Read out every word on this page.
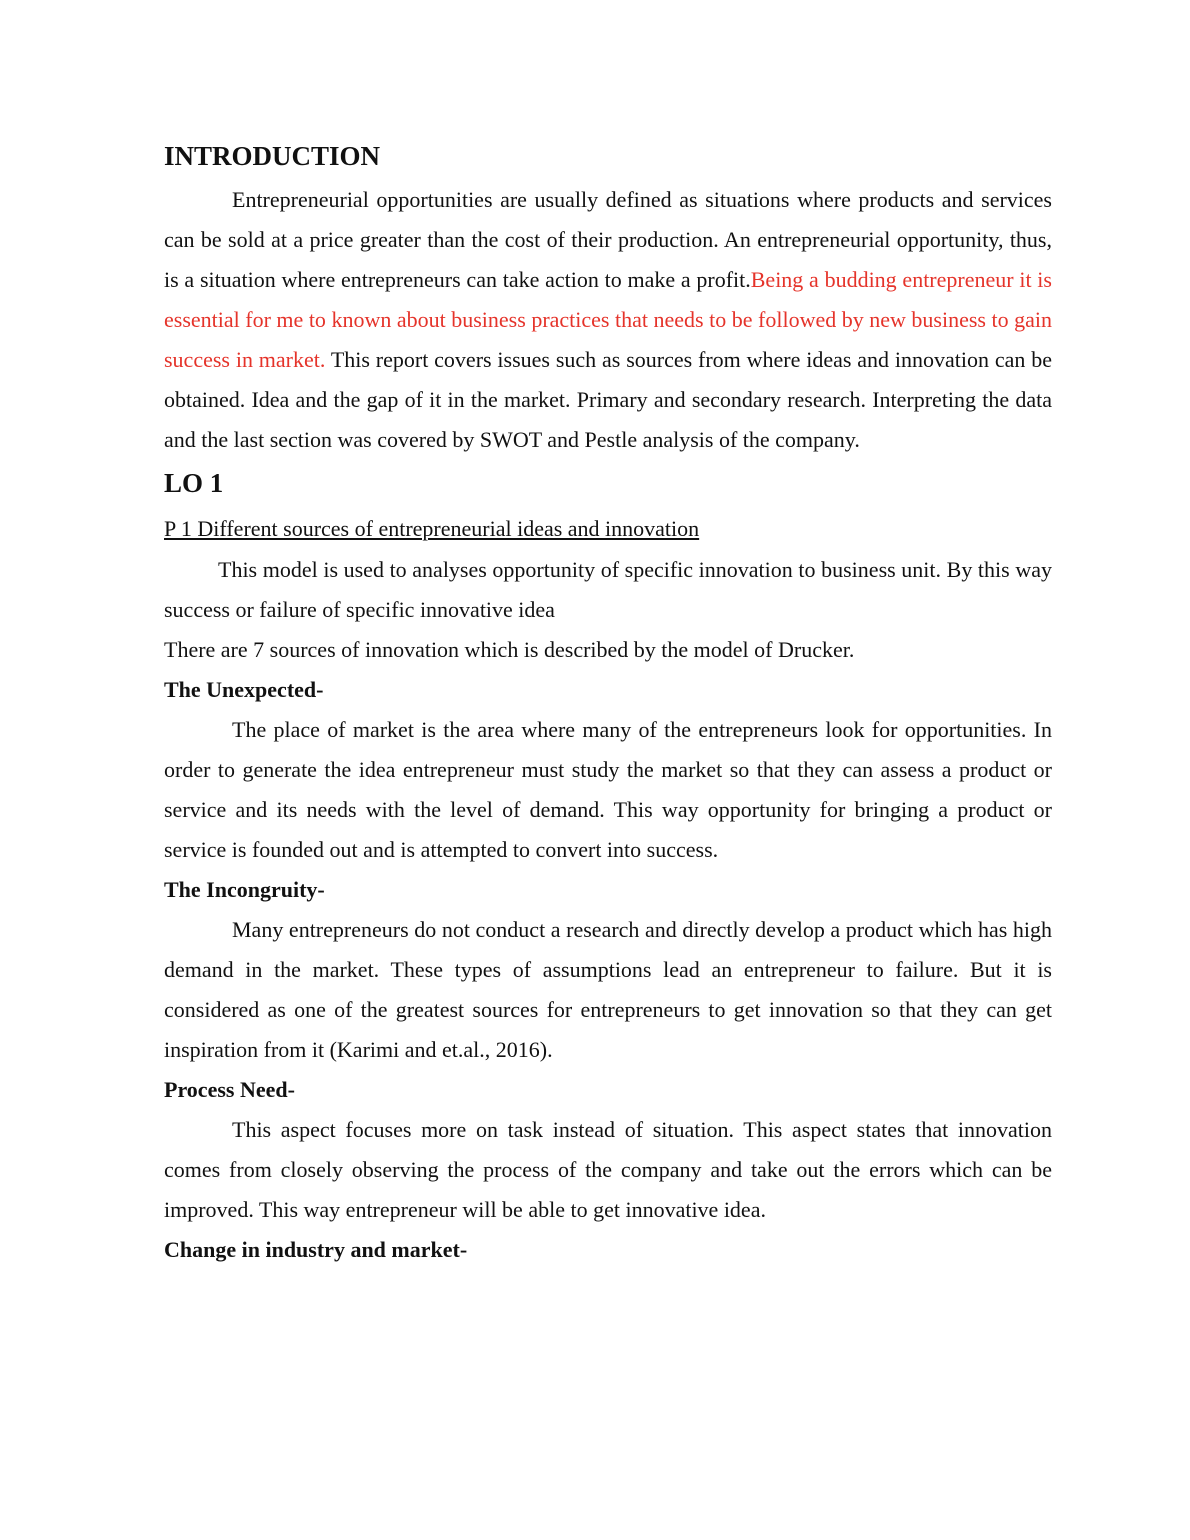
INTRODUCTION

Entrepreneurial opportunities are usually defined as situations where products and services can be sold at a price greater than the cost of their production. An entrepreneurial opportunity, thus, is a situation where entrepreneurs can take action to make a profit.Being a budding entrepreneur it is essential for me to known about business practices that needs to be followed by new business to gain success in market. This report covers issues such as sources from where ideas and innovation can be obtained. Idea and the gap of it in the market. Primary and secondary research. Interpreting the data and the last section was covered by SWOT and Pestle analysis of the company.

LO 1

P 1 Different sources of entrepreneurial ideas and innovation

This model is used to analyses opportunity of specific innovation to business unit. By this way success or failure of specific innovative idea

There are 7 sources of innovation which is described by the model of Drucker.

The Unexpected-

The place of market is the area where many of the entrepreneurs look for opportunities. In order to generate the idea entrepreneur must study the market so that they can assess a product or service and its needs with the level of demand. This way opportunity for bringing a product or service is founded out and is attempted to convert into success.

The Incongruity-

Many entrepreneurs do not conduct a research and directly develop a product which has high demand in the market. These types of assumptions lead an entrepreneur to failure. But it is considered as one of the greatest sources for entrepreneurs to get innovation so that they can get inspiration from it (Karimi and et.al., 2016).

Process Need-

This aspect focuses more on task instead of situation. This aspect states that innovation comes from closely observing the process of the company and take out the errors which can be improved. This way entrepreneur will be able to get innovative idea.

Change in industry and market-
